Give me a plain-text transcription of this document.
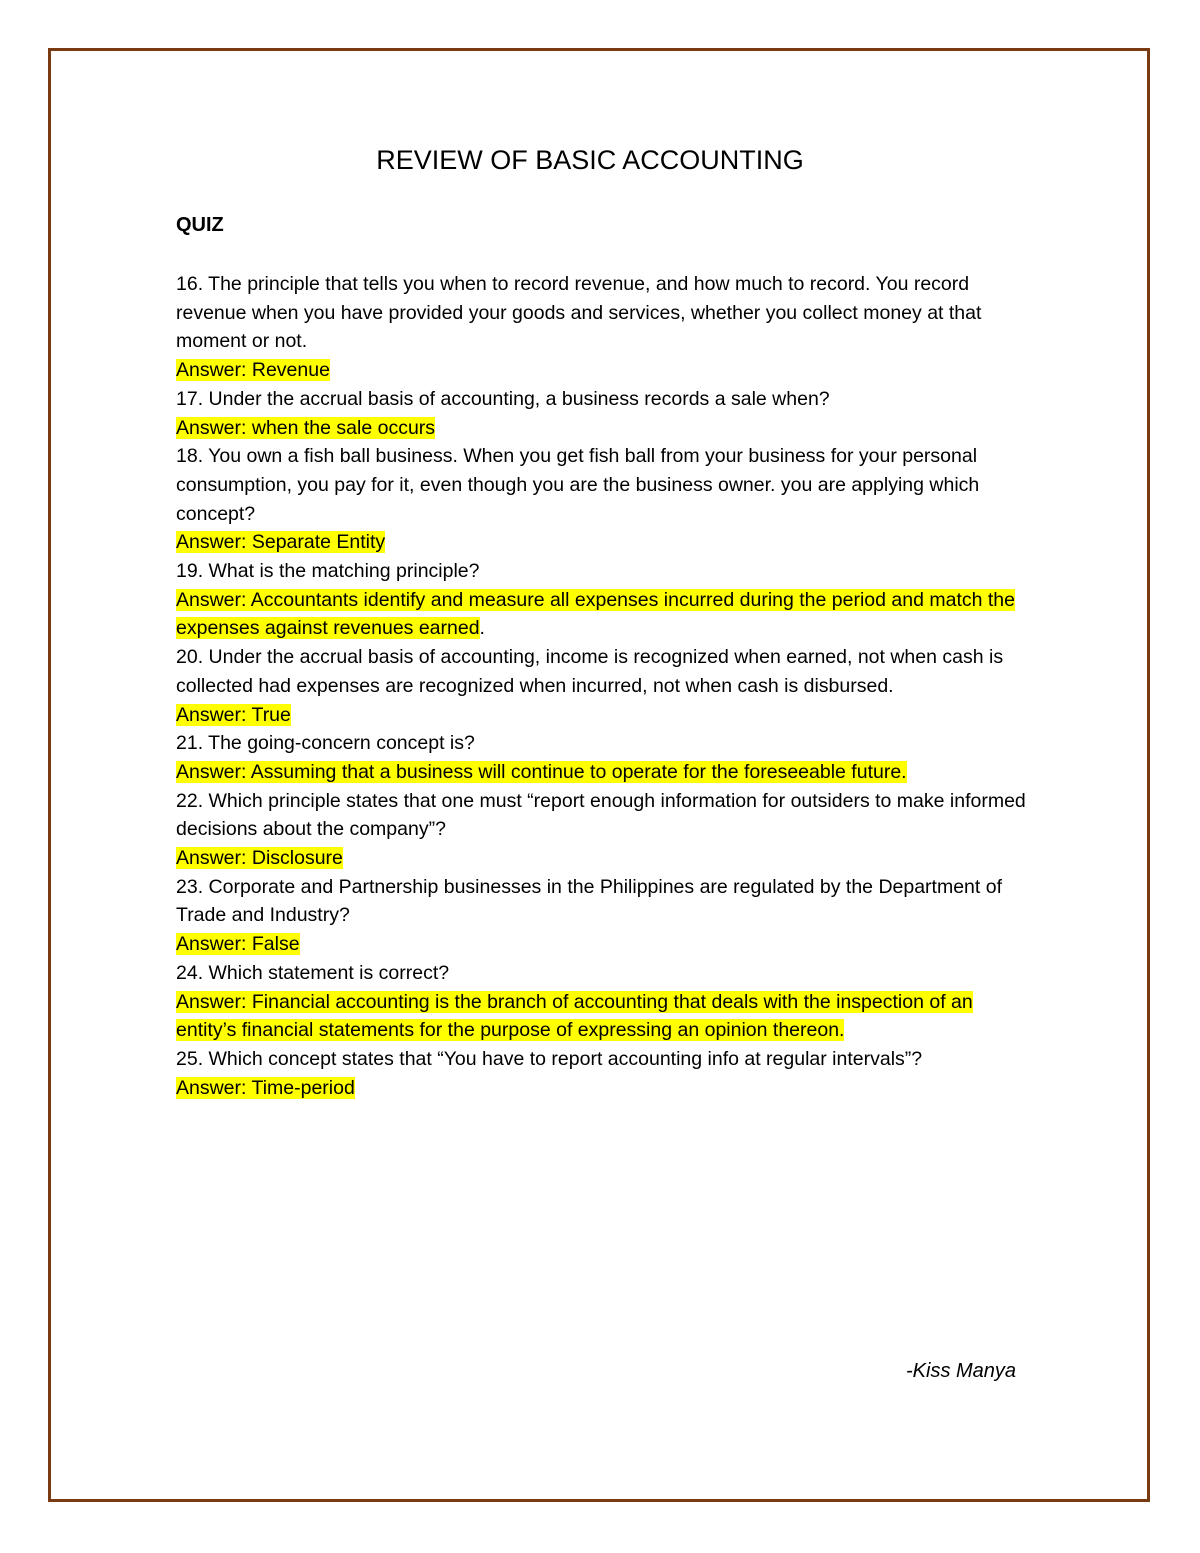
REVIEW OF BASIC ACCOUNTING
QUIZ

16. The principle that tells you when to record revenue, and how much to record. You record revenue when you have provided your goods and services, whether you collect money at that moment or not.

Answer: Revenue

17. Under the accrual basis of accounting, a business records a sale when?

Answer: when the sale occurs

18. You own a fish ball business. When you get fish ball from your business for your personal consumption, you pay for it, even though you are the business owner. you are applying which concept?

Answer: Separate Entity

19. What is the matching principle?

Answer: Accountants identify and measure all expenses incurred during the period and match the expenses against revenues earned.

20. Under the accrual basis of accounting, income is recognized when earned, not when cash is collected had expenses are recognized when incurred, not when cash is disbursed.

Answer: True

21. The going-concern concept is?

Answer: Assuming that a business will continue to operate for the foreseeable future.

22. Which principle states that one must “report enough information for outsiders to make informed decisions about the company”?

Answer: Disclosure

23. Corporate and Partnership businesses in the Philippines are regulated by the Department of Trade and Industry?

Answer: False

24. Which statement is correct?

Answer: Financial accounting is the branch of accounting that deals with the inspection of an entity’s financial statements for the purpose of expressing an opinion thereon.

25. Which concept states that “You have to report accounting info at regular intervals”?

Answer: Time-period

-Kiss Manya
